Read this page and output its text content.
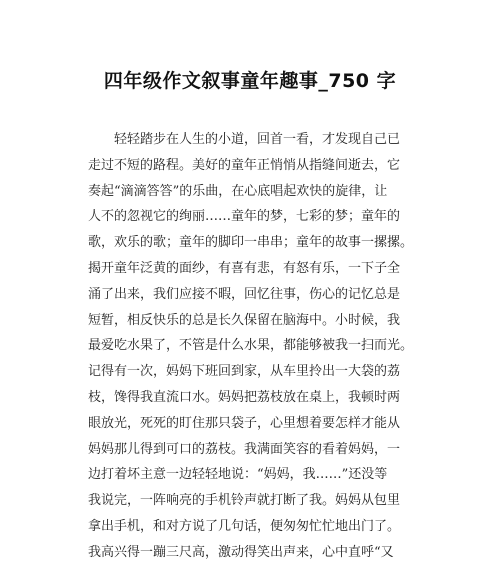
四年级作文叙事童年趣事_750 字
轻轻踏步在人生的小道，回首一看，才发现自己已
走过不短的路程。美好的童年正悄悄从指缝间逝去，它
奏起“滴滴答答”的乐曲，在心底唱起欢快的旋律，让
人不的忽视它的绚丽……童年的梦，七彩的梦；童年的
歌，欢乐的歌；童年的脚印一串串；童年的故事一摞摞。
揭开童年泛黄的面纱，有喜有悲，有怒有乐，一下子全
涌了出来，我们应接不暇，回忆往事，伤心的记忆总是
短暂，相反快乐的总是长久保留在脑海中。小时候，我
最爱吃水果了，不管是什么水果，都能够被我一扫而光。
记得有一次，妈妈下班回到家，从车里拎出一大袋的荔
枝，馋得我直流口水。妈妈把荔枝放在桌上，我顿时两
眼放光，死死的盯住那只袋子，心里想着要怎样才能从
妈妈那儿得到可口的荔枝。我满面笑容的看着妈妈，一
边打着坏主意一边轻轻地说：“妈妈，我……”还没等
我说完，一阵响亮的手机铃声就打断了我。妈妈从包里
拿出手机，和对方说了几句话，便匆匆忙忙地出门了。
我高兴得一蹦三尺高，激动得笑出声来，心中直呼“又
